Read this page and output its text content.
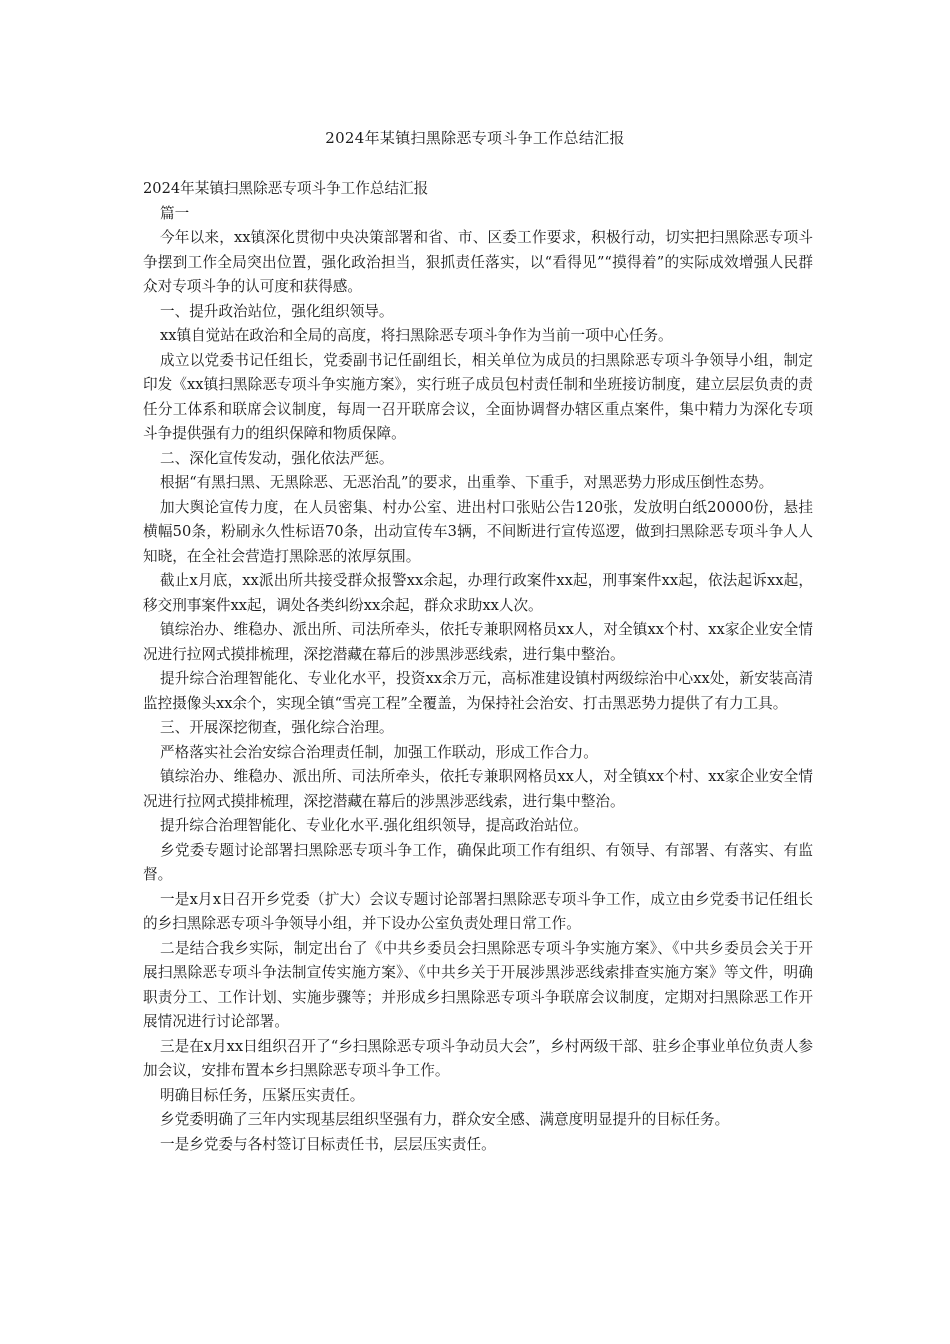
2024年某镇扫黑除恶专项斗争工作总结汇报

2024年某镇扫黑除恶专项斗争工作总结汇报

篇一

今年以来，xx镇深化贯彻中央决策部署和省、市、区委工作要求，积极行动，切实把扫黑除恶专项斗争摆到工作全局突出位置，强化政治担当，狠抓责任落实，以“看得见”“摸得着”的实际成效增强人民群众对专项斗争的认可度和获得感。

一、提升政治站位，强化组织领导。

xx镇自觉站在政治和全局的高度，将扫黑除恶专项斗争作为当前一项中心任务。

成立以党委书记任组长，党委副书记任副组长，相关单位为成员的扫黑除恶专项斗争领导小组，制定印发《xx镇扫黑除恶专项斗争实施方案》，实行班子成员包村责任制和坐班接访制度，建立层层负责的责任分工体系和联席会议制度，每周一召开联席会议，全面协调督办辖区重点案件，集中精力为深化专项斗争提供强有力的组织保障和物质保障。

二、深化宣传发动，强化依法严惩。

根据“有黑扫黑、无黑除恶、无恶治乱”的要求，出重拳、下重手，对黑恶势力形成压倒性态势。

加大舆论宣传力度，在人员密集、村办公室、进出村口张贴公告120张，发放明白纸20000份，悬挂横幅50条，粉刷永久性标语70条，出动宣传车3辆，不间断进行宣传巡逻，做到扫黑除恶专项斗争人人知晓，在全社会营造打黑除恶的浓厚氛围。

截止x月底，xx派出所共接受群众报警xx余起，办理行政案件xx起，刑事案件xx起，依法起诉xx起，移交刑事案件xx起，调处各类纠纷xx余起，群众求助xx人次。

镇综治办、维稳办、派出所、司法所牵头，依托专兼职网格员xx人，对全镇xx个村、xx家企业安全情况进行拉网式摸排梳理，深挖潜藏在幕后的涉黑涉恶线索，进行集中整治。

提升综合治理智能化、专业化水平，投资xx余万元，高标准建设镇村两级综治中心xx处，新安装高清监控摄像头xx余个，实现全镇“雪亮工程”全覆盖，为保持社会治安、打击黑恶势力提供了有力工具。

三、开展深挖彻查，强化综合治理。

严格落实社会治安综合治理责任制，加强工作联动，形成工作合力。

镇综治办、维稳办、派出所、司法所牵头，依托专兼职网格员xx人，对全镇xx个村、xx家企业安全情况进行拉网式摸排梳理，深挖潜藏在幕后的涉黑涉恶线索，进行集中整治。

提升综合治理智能化、专业化水平.强化组织领导，提高政治站位。

乡党委专题讨论部署扫黑除恶专项斗争工作，确保此项工作有组织、有领导、有部署、有落实、有监督。

一是x月x日召开乡党委（扩大）会议专题讨论部署扫黑除恶专项斗争工作，成立由乡党委书记任组长的乡扫黑除恶专项斗争领导小组，并下设办公室负责处理日常工作。

二是结合我乡实际，制定出台了《中共乡委员会扫黑除恶专项斗争实施方案》、《中共乡委员会关于开展扫黑除恶专项斗争法制宣传实施方案》、《中共乡关于开展涉黑涉恶线索排查实施方案》等文件，明确职责分工、工作计划、实施步骤等；并形成乡扫黑除恶专项斗争联席会议制度，定期对扫黑除恶工作开展情况进行讨论部署。

三是在x月xx日组织召开了“乡扫黑除恶专项斗争动员大会”，乡村两级干部、驻乡企事业单位负责人参加会议，安排布置本乡扫黑除恶专项斗争工作。

明确目标任务，压紧压实责任。

乡党委明确了三年内实现基层组织坚强有力，群众安全感、满意度明显提升的目标任务。

一是乡党委与各村签订目标责任书，层层压实责任。
